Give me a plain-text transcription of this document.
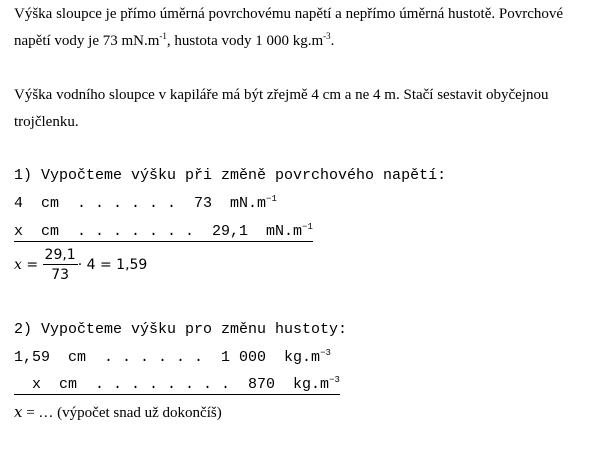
Výška sloupce je přímo úměrná povrchovému napětí a nepřímo úměrná hustotě. Povrchové
napětí vody je 73 $mN.m^{-1}$, hustota vody 1 000 $kg.m^{-3}$.
Výška vodního sloupce v kapiláře má být zřejmě 4 cm a ne 4 m. Stačí sestavit obyčejnou
trojčlenku.
1) Vypočteme výšku při změně povrchového napětí:
4  cm  . . . . . .  73  $mN.m^{-1}$
x  cm  . . . . . . .  29,1  $mN.m^{-1}$
$x = \frac{29,1}{73} \cdot 4 = 1,59$
2) Vypočteme výšku pro změnu hustoty:
1,59  cm  . . . . . .  1 000  $kg.m^{-3}$
x  cm  . . . . . . . .  870  $kg.m^{-3}$
x = … (výpočet snad už dokončíš)
